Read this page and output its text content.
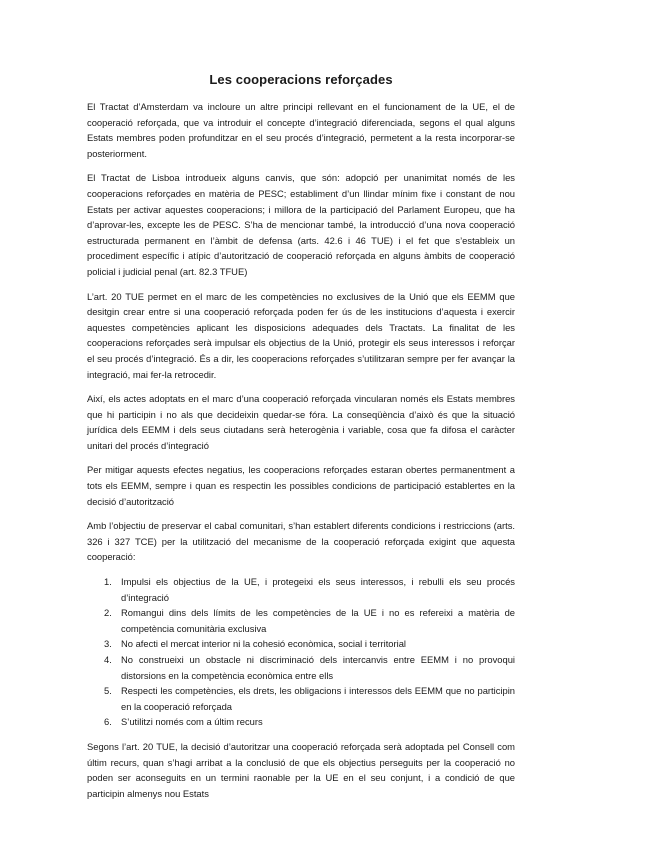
Les cooperacions reforçades

El Tractat d’Amsterdam va incloure un altre principi rellevant en el funcionament de la UE, el de cooperació reforçada, que va introduir el concepte d’integració diferenciada, segons el qual alguns Estats membres poden profunditzar en el seu procés d’integració, permetent a la resta incorporar-se posteriorment.

El Tractat de Lisboa introdueix alguns canvis, que són: adopció per unanimitat només de les cooperacions reforçades en matèria de PESC; establiment d’un llindar mínim fixe i constant de nou Estats per activar aquestes cooperacions; i millora de la participació del Parlament Europeu, que ha d’aprovar-les, excepte les de PESC. S’ha de mencionar també, la introducció d’una nova cooperació estructurada permanent en l’àmbit de defensa (arts. 42.6 i 46 TUE) i el fet que s’estableix un procediment específic i atípic d’autorització de cooperació reforçada en alguns àmbits de cooperació policial i judicial penal (art. 82.3 TFUE)

L’art. 20 TUE permet en el marc de les competències no exclusives de la Unió que els EEMM que desitgin crear entre si una cooperació reforçada poden fer ús de les institucions d’aquesta i exercir aquestes competències aplicant les disposicions adequades dels Tractats. La finalitat de les cooperacions reforçades serà impulsar els objectius de la Unió, protegir els seus interessos i reforçar el seu procés d’integració. És a dir, les cooperacions reforçades s’utilitzaran sempre per fer avançar la integració, mai fer-la retrocedir.

Així, els actes adoptats en el marc d’una cooperació reforçada vincularan només els Estats membres que hi participin i no als que decideixin quedar-se fóra. La conseqüència d’això és que la situació jurídica dels EEMM i dels seus ciutadans serà heterogènia i variable, cosa que fa difosa el caràcter unitari del procés d’integració

Per mitigar aquests efectes negatius, les cooperacions reforçades estaran obertes permanentment a tots els EEMM, sempre i quan es respectin les possibles condicions de participació establertes en la decisió d’autorització

Amb l’objectiu de preservar el cabal comunitari, s’han establert diferents condicions i restriccions (arts. 326 i 327 TCE) per la utilització del mecanisme de la cooperació reforçada exigint que aquesta cooperació:

1. Impulsi els objectius de la UE, i protegeixi els seus interessos, i rebulli els seu procés d’integració
2. Romangui dins dels límits de les competències de la UE i no es refereixi a matèria de competència comunitària exclusiva
3. No afecti el mercat interior ni la cohesió econòmica, social i territorial
4. No construeixi un obstacle ni discriminació dels intercanvis entre EEMM i no provoqui distorsions en la competència econòmica entre ells
5. Respecti les competències, els drets, les obligacions i interessos dels EEMM que no participin en la cooperació reforçada
6. S’utilitzi només com a últim recurs

Segons l’art. 20 TUE, la decisió d’autoritzar una cooperació reforçada serà adoptada pel Consell com últim recurs, quan s’hagi arribat a la conclusió de que els objectius perseguits per la cooperació no poden ser aconseguits en un termini raonable per la UE en el seu conjunt, i a condició de que participin almenys nou Estats
